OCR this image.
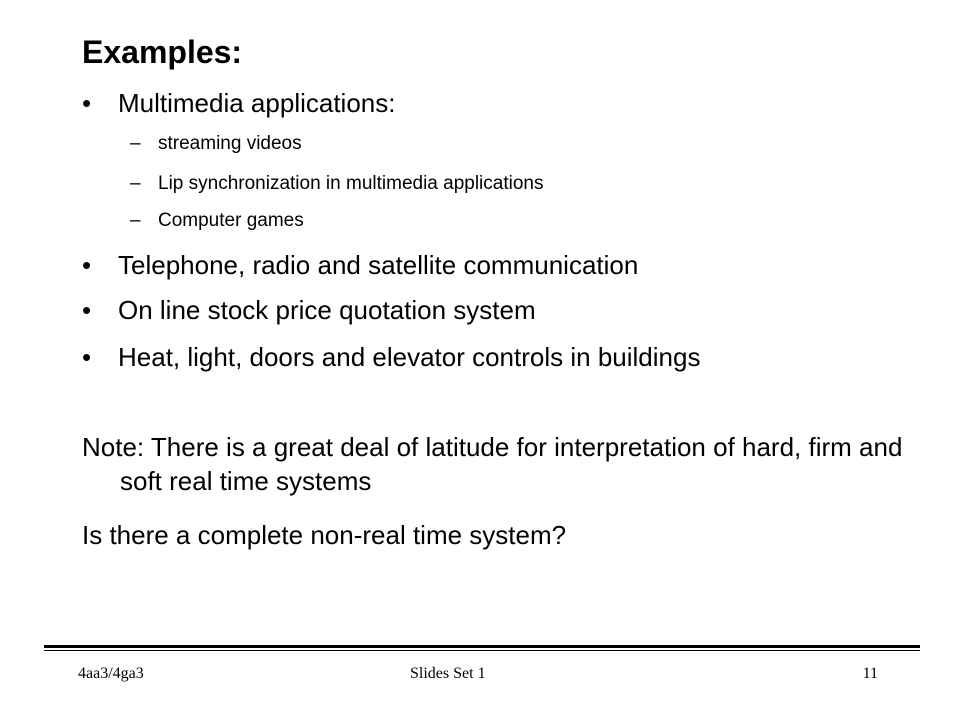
Examples:
• Multimedia applications:
– streaming videos
– Lip synchronization in multimedia applications
– Computer games
• Telephone, radio and satellite communication
• On line stock price quotation system
• Heat, light, doors and elevator controls in buildings
Note: There is a great deal of latitude for interpretation of hard, firm and soft real time systems
Is there a complete non-real time system?
4aa3/4ga3	Slides Set 1	11
